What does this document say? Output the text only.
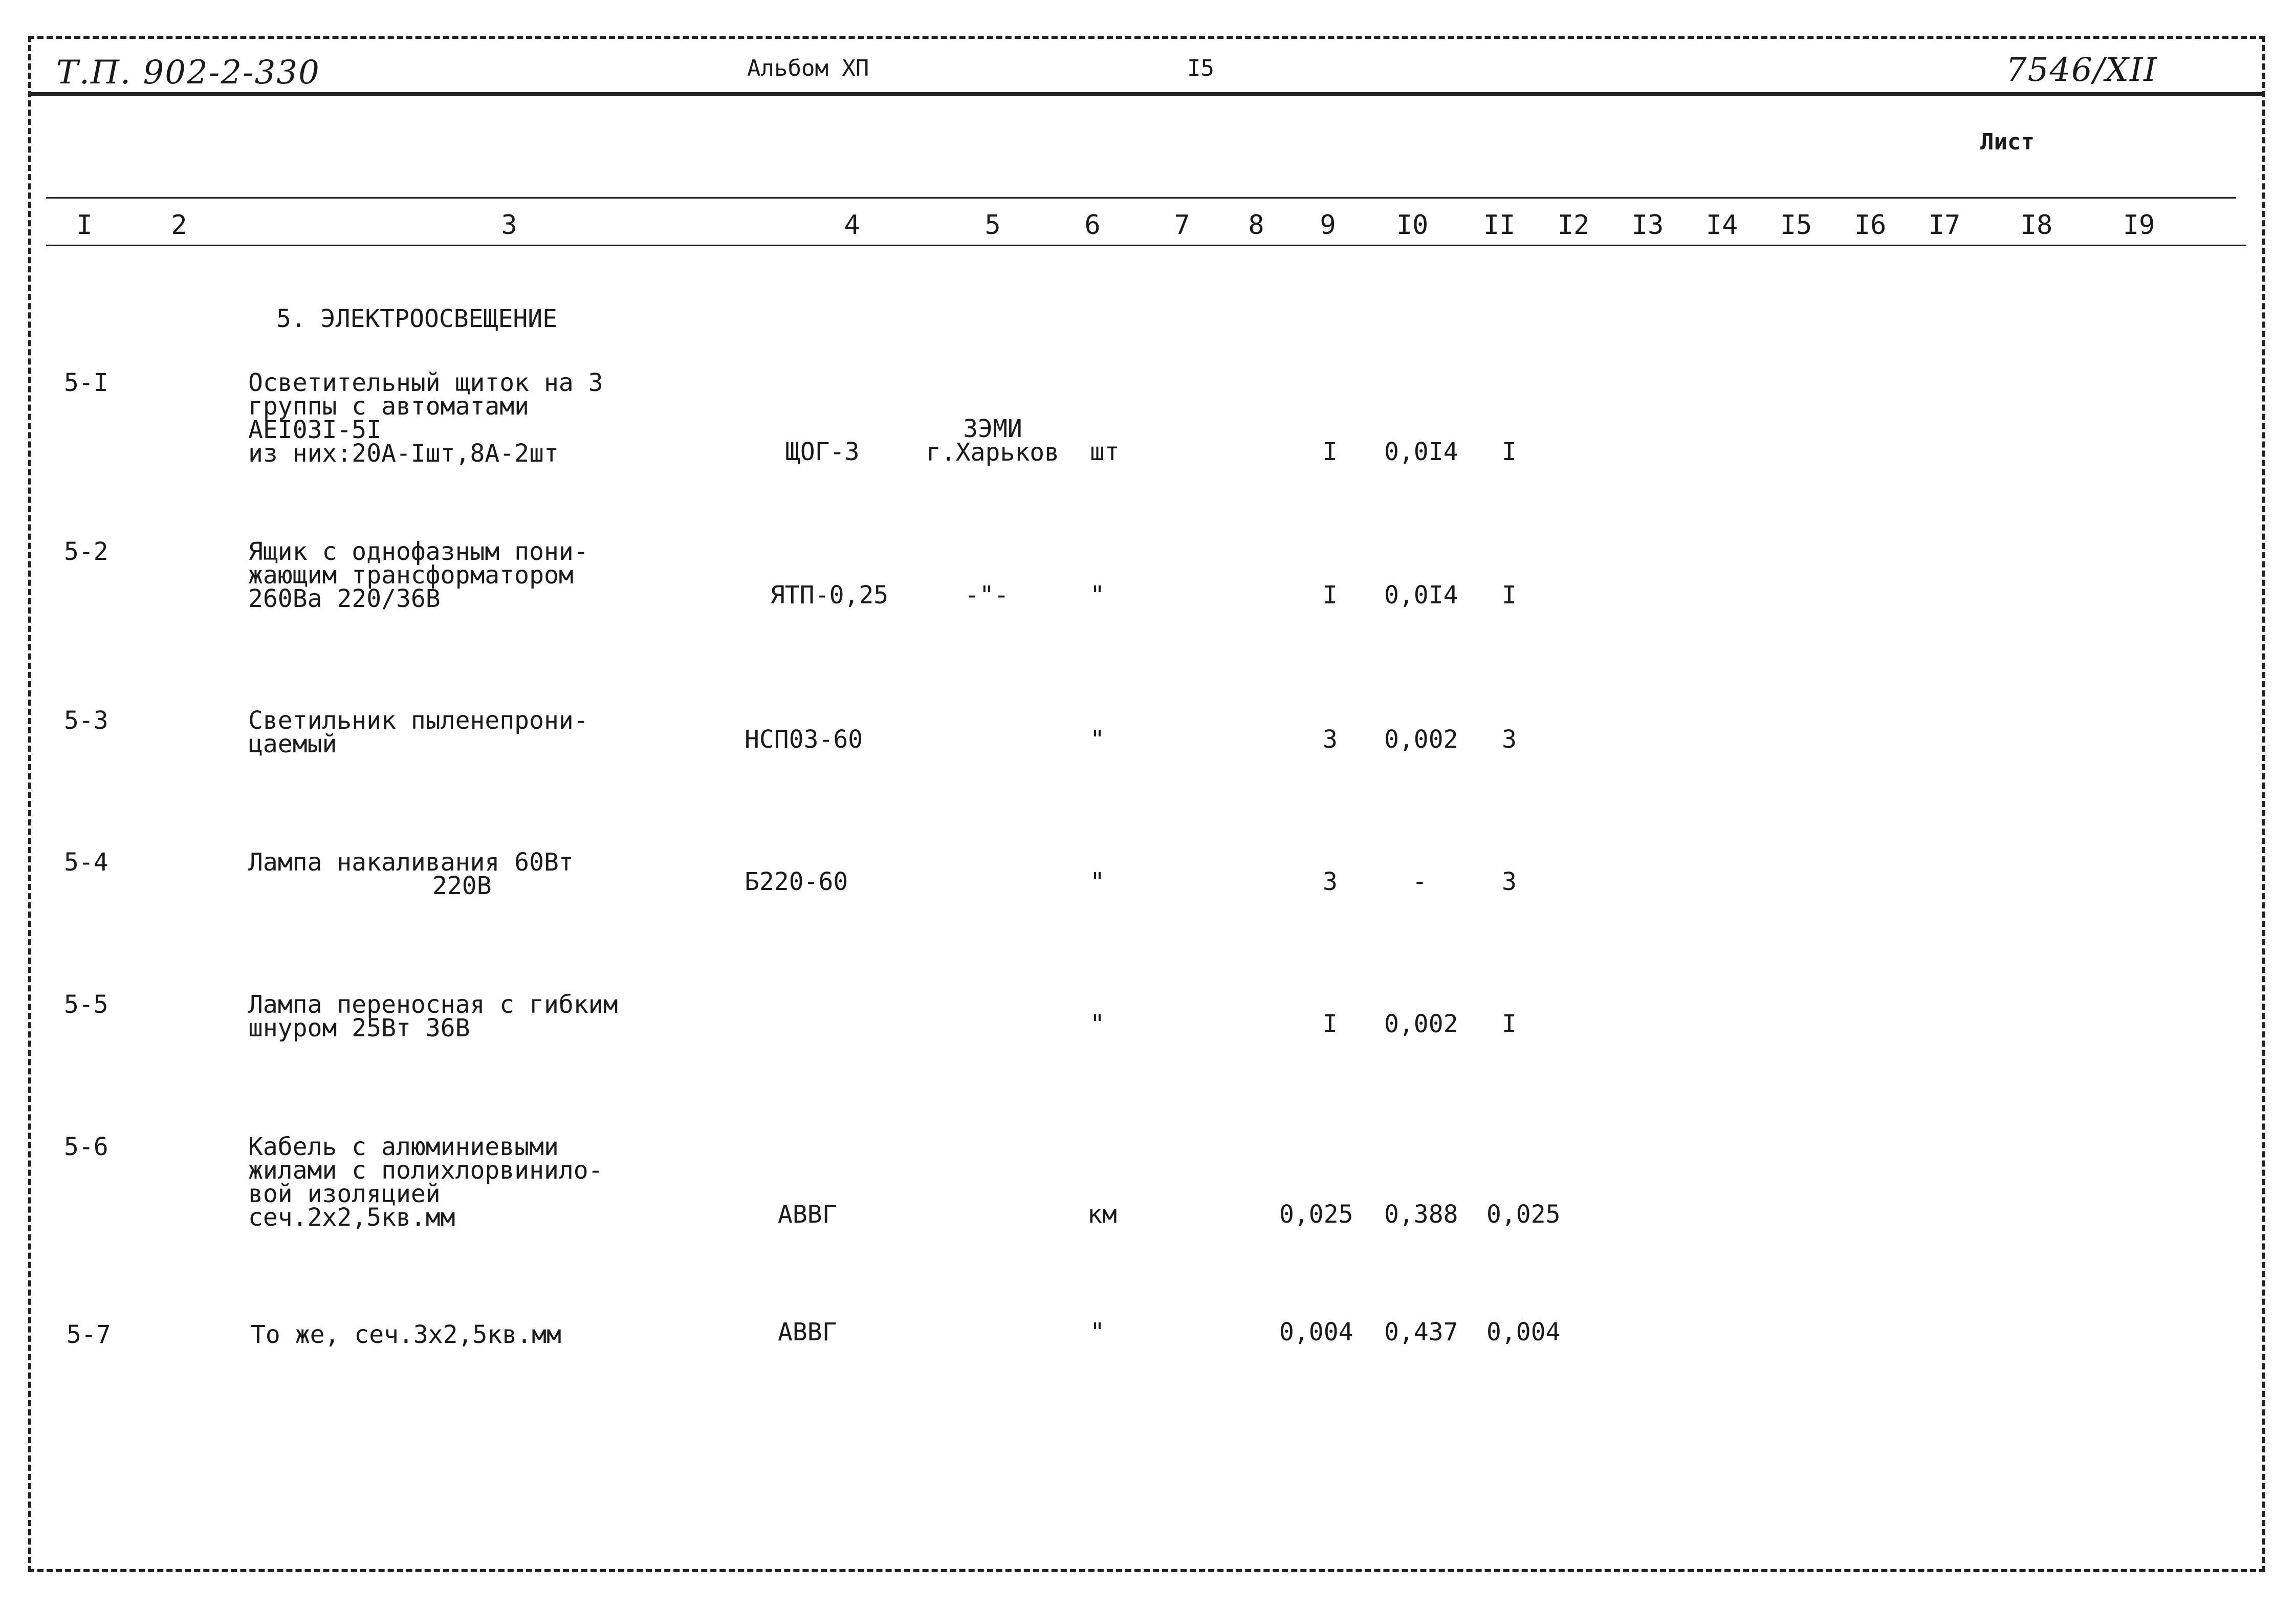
Т.П. 902-2-330	Альбом ХП	I5	7546/XII
Лист
I	2	3	4	5	6	7	8	9	I0	II	I2	I3	I4	I5	I6	I7	I8	I9
5. ЭЛЕКТРООСВЕЩЕНИЕ
5-I	Осветительный щиток на 3
группы с автоматами
АЕI03I-5I
из них:20А-Iшт,8А-2шт	ЩОГ-3
ЗЭМИ
г.Харьков	шт	I 0,0I4 I
5-2	Ящик с однофазным пони-
жающим трансформатором
260Ва 220/36В	ЯТП-0,25	-"-	"	I 0,0I4 I
5-3	Светильник пыленепрони-
цаемый	НСП03-60	"	3 0,002 3
5-4	Лампа накаливания 60Вт
220В	Б220-60	"	3	-	3
5-5	Лампа переносная с гибким
шнуром 25Вт 36В	"	I 0,002 I
5-6	Кабель с алюминиевыми
жилами с полихлорвинило-
вой изоляцией
сеч.2х2,5кв.мм	АВВГ	км	0,025 0,388 0,025
5-7	То же, сеч.3х2,5кв.мм	АВВГ	"	0,004 0,437 0,004
